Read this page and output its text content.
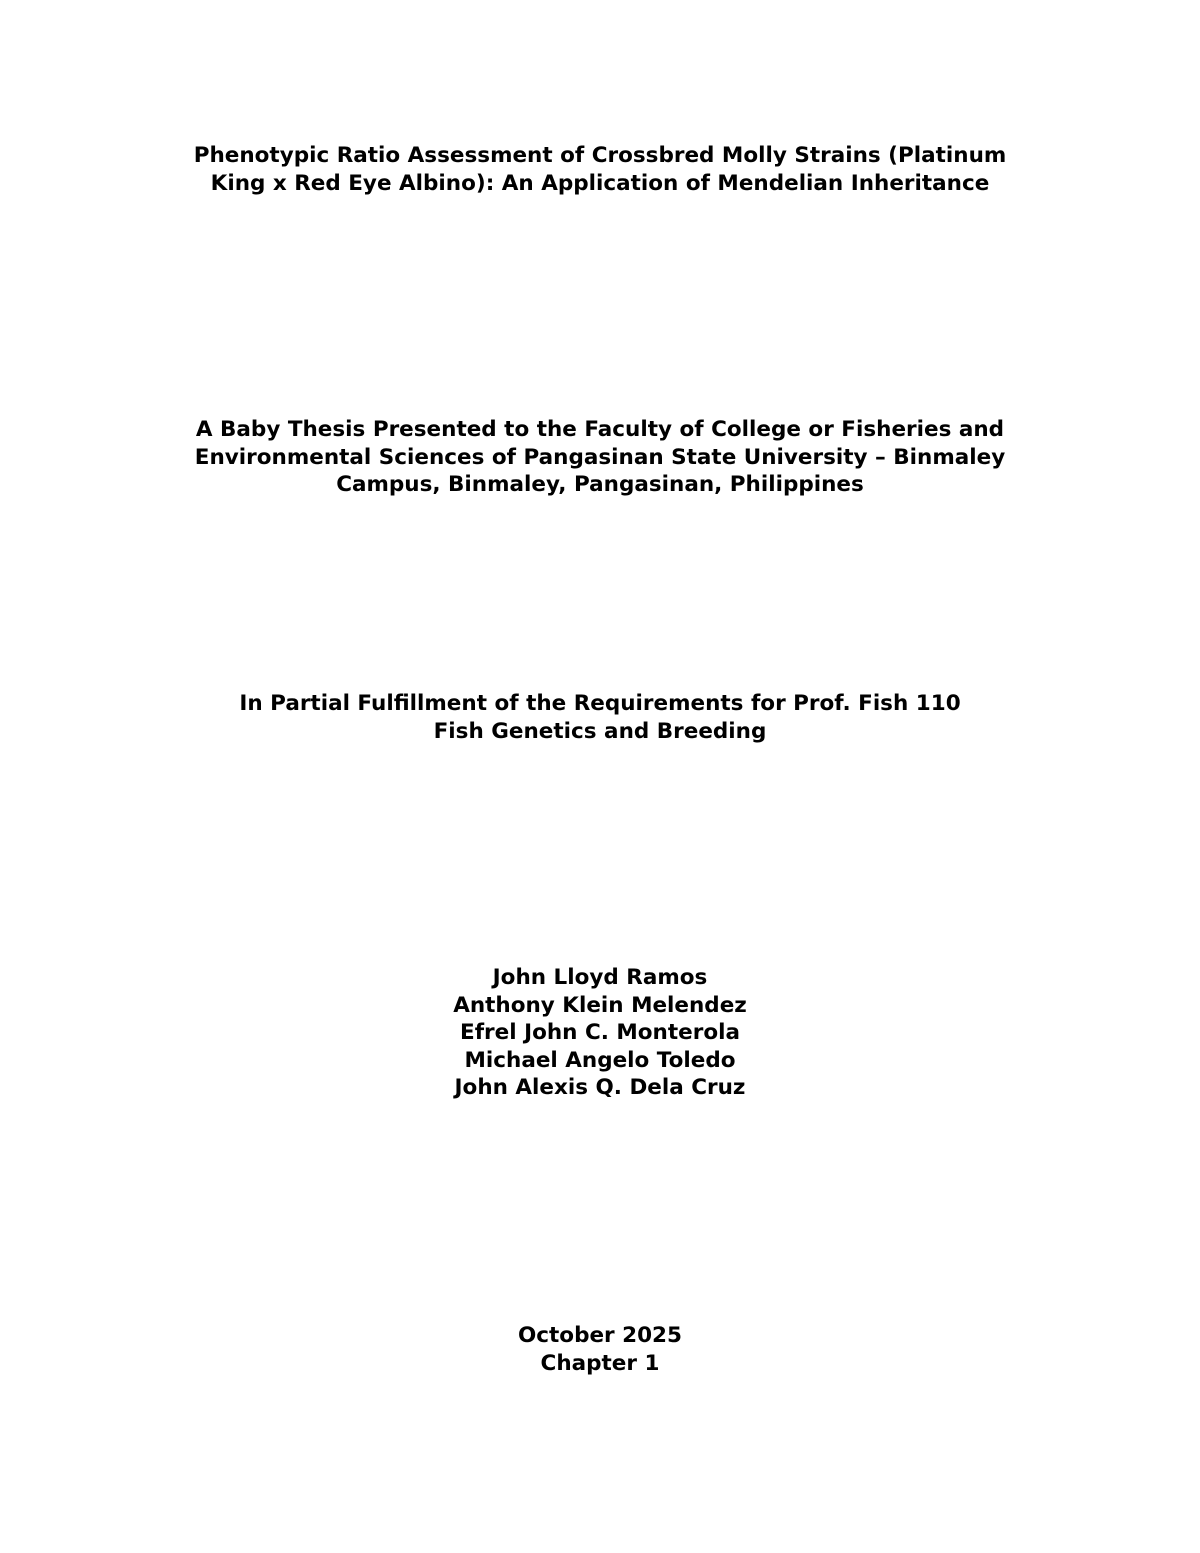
Phenotypic Ratio Assessment of Crossbred Molly Strains (Platinum
King x Red Eye Albino): An Application of Mendelian Inheritance
A Baby Thesis Presented to the Faculty of College or Fisheries and
Environmental Sciences of Pangasinan State University – Binmaley
Campus, Binmaley, Pangasinan, Philippines
In Partial Fulfillment of the Requirements for Prof. Fish 110
Fish Genetics and Breeding
John Lloyd Ramos
Anthony Klein Melendez
Efrel John C. Monterola
Michael Angelo Toledo
John Alexis Q. Dela Cruz
October 2025
Chapter 1
